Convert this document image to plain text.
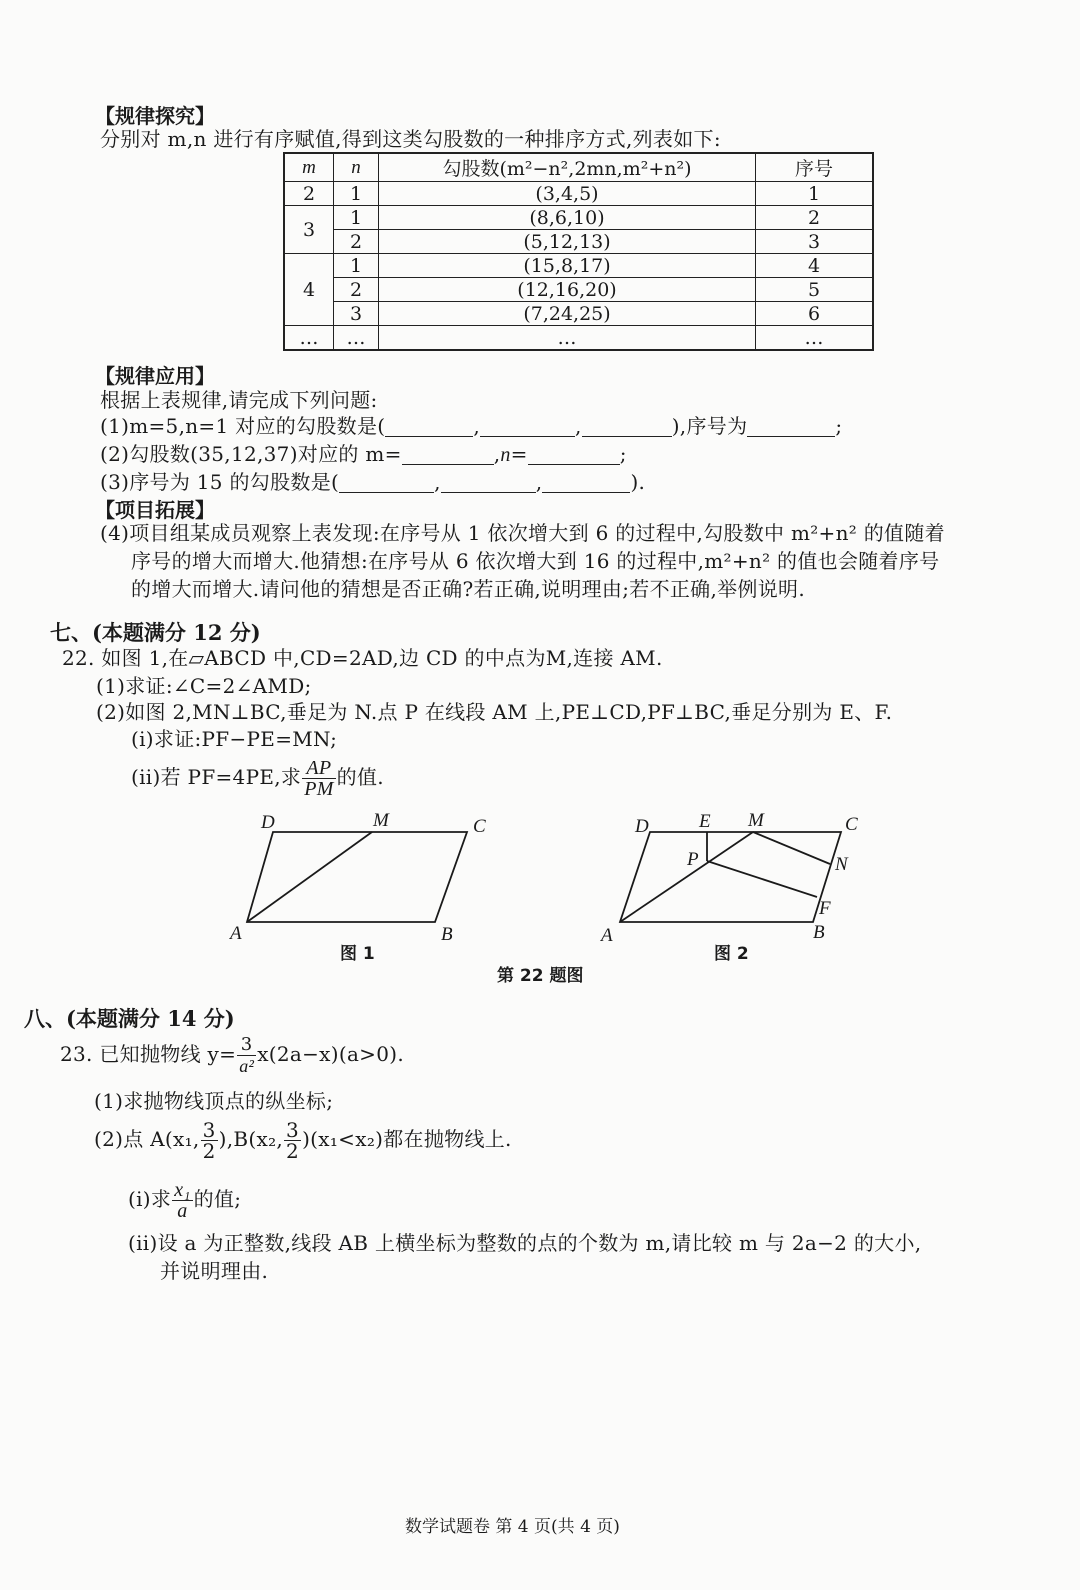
【规律探究】
分别对 m,n 进行有序赋值,得到这类勾股数的一种排序方式,列表如下:
m	n	勾股数(m²−n²,2mn,m²+n²)	序号
2	1	(3,4,5)	1
3	1	(8,6,10)	2
	2	(5,12,13)	3
4	1	(15,8,17)	4
	2	(12,16,20)	5
	3	(7,24,25)	6
…	…	…	…
【规律应用】
根据上表规律,请完成下列问题:
(1)m=5,n=1 对应的勾股数是(	,	,	),序号为	;
(2)勾股数(35,12,37)对应的 m=	,n=	;
(3)序号为 15 的勾股数是(	,	,	).
【项目拓展】
(4)项目组某成员观察上表发现:在序号从 1 依次增大到 6 的过程中,勾股数中 m²+n² 的值随着
序号的增大而增大.他猜想:在序号从 6 依次增大到 16 的过程中,m²+n² 的值也会随着序号
的增大而增大.请问他的猜想是否正确?若正确,说明理由;若不正确,举例说明.
七、(本题满分 12 分)
22. 如图 1,在▱ABCD 中,CD=2AD,边 CD 的中点为M,连接 AM.
(1)求证:∠C=2∠AMD;
(2)如图 2,MN⊥BC,垂足为 N.点 P 在线段 AM 上,PE⊥CD,PF⊥BC,垂足分别为 E、F.
(i)求证:PF−PE=MN;
(ii)若 PF=4PE,求 $\frac{AP}{PM}$ 的值.
D	M	C
A	B
图 1
D	E M	C
P	N
F
A	B
图 2
第 22 题图
八、(本题满分 14 分)
23. 已知抛物线 $y= \frac{3}{\text{a²}} x(2a-x)(a>0)$.
(1)求抛物线顶点的纵坐标;
(2)点 A(x₁, $\frac{3}{2} ),B(x_2$, $\frac{3}{2} )(x_1<x_2)$都在抛物线上.
(i)求 $\frac{\text{x₁}}{a}$ 的值;
(ii)设 a 为正整数,线段 AB 上横坐标为整数的点的个数为 m,请比较 m 与 2a−2 的大小,
并说明理由.
数学试题卷 第 4 页(共 4 页)
